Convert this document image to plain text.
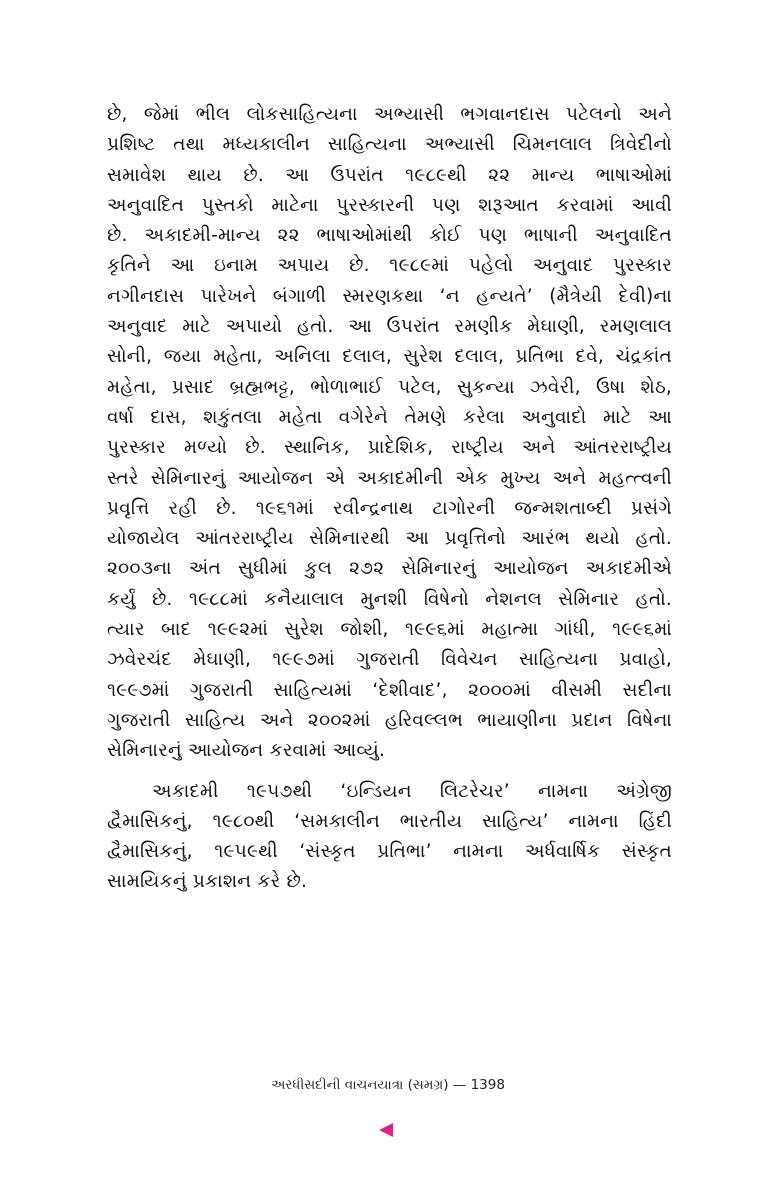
છે, જેમાં ભીલ લોકસાહિત્યના અભ્યાસી ભગવાનદાસ પટેલનો અને
પ્રશિષ્ટ તથા મધ્યકાલીન સાહિત્યના અભ્યાસી ચિમનલાલ ત્રિવેદીનો
સમાવેશ થાય છે. આ ઉપરાંત ૧૯૮૯થી ૨૨ માન્ય ભાષાઓમાં
અનુવાદિત પુસ્તકો માટેના પુરસ્કારની પણ શરૂઆત કરવામાં આવી
છે. અકાદમી-માન્ય ૨૨ ભાષાઓમાંથી કોઈ પણ ભાષાની અનુવાદિત
કૃતિને આ ઇનામ અપાય છે. ૧૯૮૯માં પહેલો અનુવાદ પુરસ્કાર
નગીનદાસ પારેખને બંગાળી સ્મરણકથા ‘ન હન્યતે’ (મૈત્રેયી દેવી)ના
અનુવાદ માટે અપાયો હતો. આ ઉપરાંત રમણીક મેઘાણી, રમણલાલ
સોની, જયા મહેતા, અનિલા દલાલ, સુરેશ દલાલ, પ્રતિભા દવે, ચંદ્રકાંત
મહેતા, પ્રસાદ બ્રહ્મભટ્ટ, ભોળાભાઈ પટેલ, સુકન્યા ઝવેરી, ઉષા શેઠ,
વર્ષા દાસ, શકુંતલા મહેતા વગેરેને તેમણે કરેલા અનુવાદો માટે આ
પુરસ્કાર મળ્યો છે. સ્થાનિક, પ્રાદેશિક, રાષ્ટ્રીય અને આંતરરાષ્ટ્રીય
સ્તરે સેમિનારનું આયોજન એ અકાદમીની એક મુખ્ય અને મહત્ત્વની
પ્રવૃત્તિ રહી છે. ૧૯૬૧માં રવીન્દ્રનાથ ટાગોરની જન્મશતાબ્દી પ્રસંગે
યોજાયેલ આંતરરાષ્ટ્રીય સેમિનારથી આ પ્રવૃત્તિનો આરંભ થયો હતો.
૨૦૦૩ના અંત સુધીમાં કુલ ૨૭૨ સેમિનારનું આયોજન અકાદમીએ
કર્યું છે. ૧૯૮૮માં કનૈયાલાલ મુનશી વિષેનો નેશનલ સેમિનાર હતો.
ત્યાર બાદ ૧૯૯૨માં સુરેશ જોશી, ૧૯૯૬માં મહાત્મા ગાંધી, ૧૯૯૬માં
ઝવેરચંદ મેઘાણી, ૧૯૯૭માં ગુજરાતી વિવેચન સાહિત્યના પ્રવાહો,
૧૯૯૭માં ગુજરાતી સાહિત્યમાં ‘દેશીવાદ’, ૨૦૦૦માં વીસમી સદીના
ગુજરાતી સાહિત્ય અને ૨૦૦૨માં હરિવલ્લભ ભાયાણીના પ્રદાન વિષેના
સેમિનારનું આયોજન કરવામાં આવ્યું.
અકાદમી ૧૯૫૭થી ‘ઇન્ડિયન લિટરેચર’ નામના અંગ્રેજી
દ્વૈમાસિકનું, ૧૯૮૦થી ‘સમકાલીન ભારતીય સાહિત્ય’ નામના હિંદી
દ્વૈમાસિકનું, ૧૯૫૯થી ‘સંસ્કૃત પ્રતિભા’ નામના અર્ધવાર્ષિક સંસ્કૃત
સામયિકનું પ્રકાશન કરે છે.
અરધીસદીની વાચનયાત્રા (સમગ્ર) — 1398
